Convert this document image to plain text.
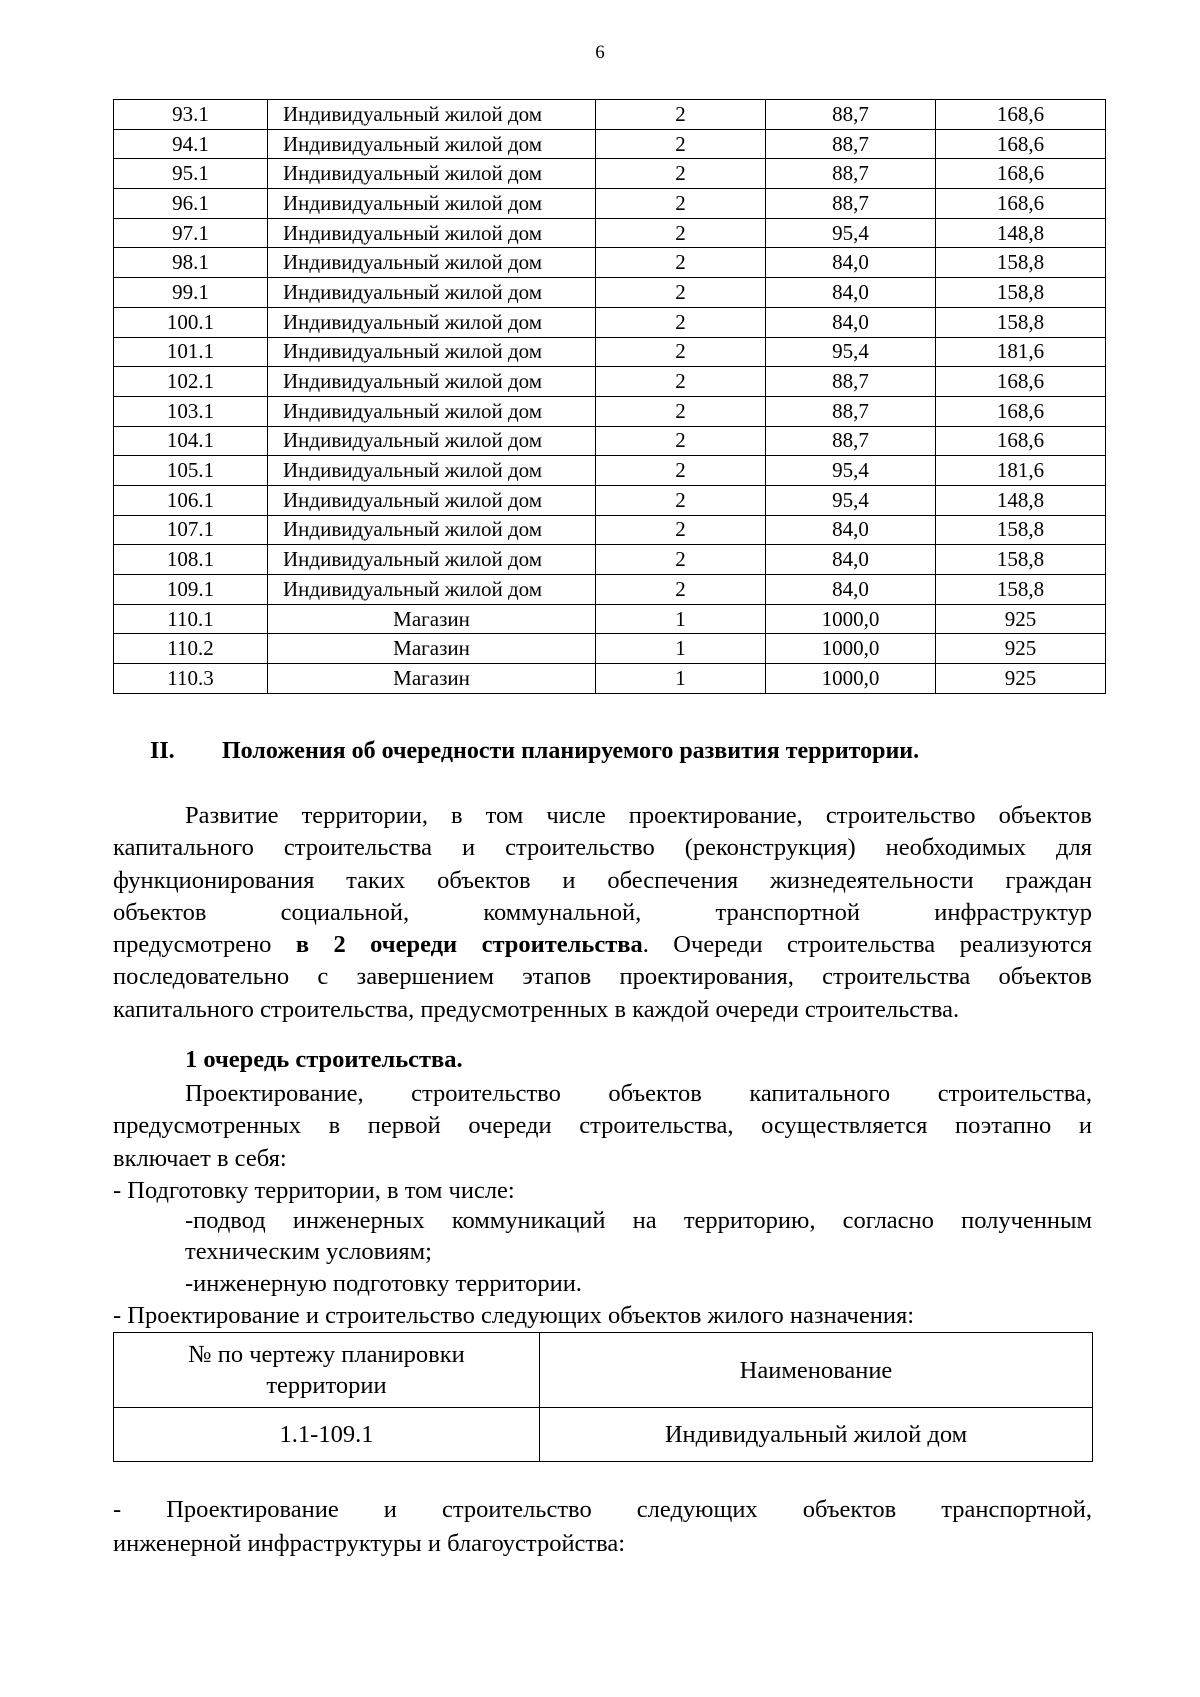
6
93.1	Индивидуальный жилой дом	2	88,7	168,6
94.1	Индивидуальный жилой дом	2	88,7	168,6
95.1	Индивидуальный жилой дом	2	88,7	168,6
96.1	Индивидуальный жилой дом	2	88,7	168,6
97.1	Индивидуальный жилой дом	2	95,4	148,8
98.1	Индивидуальный жилой дом	2	84,0	158,8
99.1	Индивидуальный жилой дом	2	84,0	158,8
100.1	Индивидуальный жилой дом	2	84,0	158,8
101.1	Индивидуальный жилой дом	2	95,4	181,6
102.1	Индивидуальный жилой дом	2	88,7	168,6
103.1	Индивидуальный жилой дом	2	88,7	168,6
104.1	Индивидуальный жилой дом	2	88,7	168,6
105.1	Индивидуальный жилой дом	2	95,4	181,6
106.1	Индивидуальный жилой дом	2	95,4	148,8
107.1	Индивидуальный жилой дом	2	84,0	158,8
108.1	Индивидуальный жилой дом	2	84,0	158,8
109.1	Индивидуальный жилой дом	2	84,0	158,8
110.1	Магазин	1	1000,0	925
110.2	Магазин	1	1000,0	925
110.3	Магазин	1	1000,0	925
II. Положения об очередности планируемого развития территории.
Развитие территории, в том числе проектирование, строительство объектов
капитального строительства и строительство (реконструкция) необходимых для
функционирования таких объектов и обеспечения жизнедеятельности граждан
объектов социальной, коммунальной, транспортной инфраструктур
предусмотрено в 2 очереди строительства. Очереди строительства реализуются
последовательно с завершением этапов проектирования, строительства объектов
капитального строительства, предусмотренных в каждой очереди строительства.
1 очередь строительства.
Проектирование, строительство объектов капитального строительства,
предусмотренных в первой очереди строительства, осуществляется поэтапно и
включает в себя:
- Подготовку территории, в том числе:
-подвод инженерных коммуникаций на территорию, согласно полученным
техническим условиям;
-инженерную подготовку территории.
- Проектирование и строительство следующих объектов жилого назначения:
№ по чертежу планировки территории	Наименование
1.1-109.1	Индивидуальный жилой дом
- Проектирование и строительство следующих объектов транспортной,
инженерной инфраструктуры и благоустройства:
